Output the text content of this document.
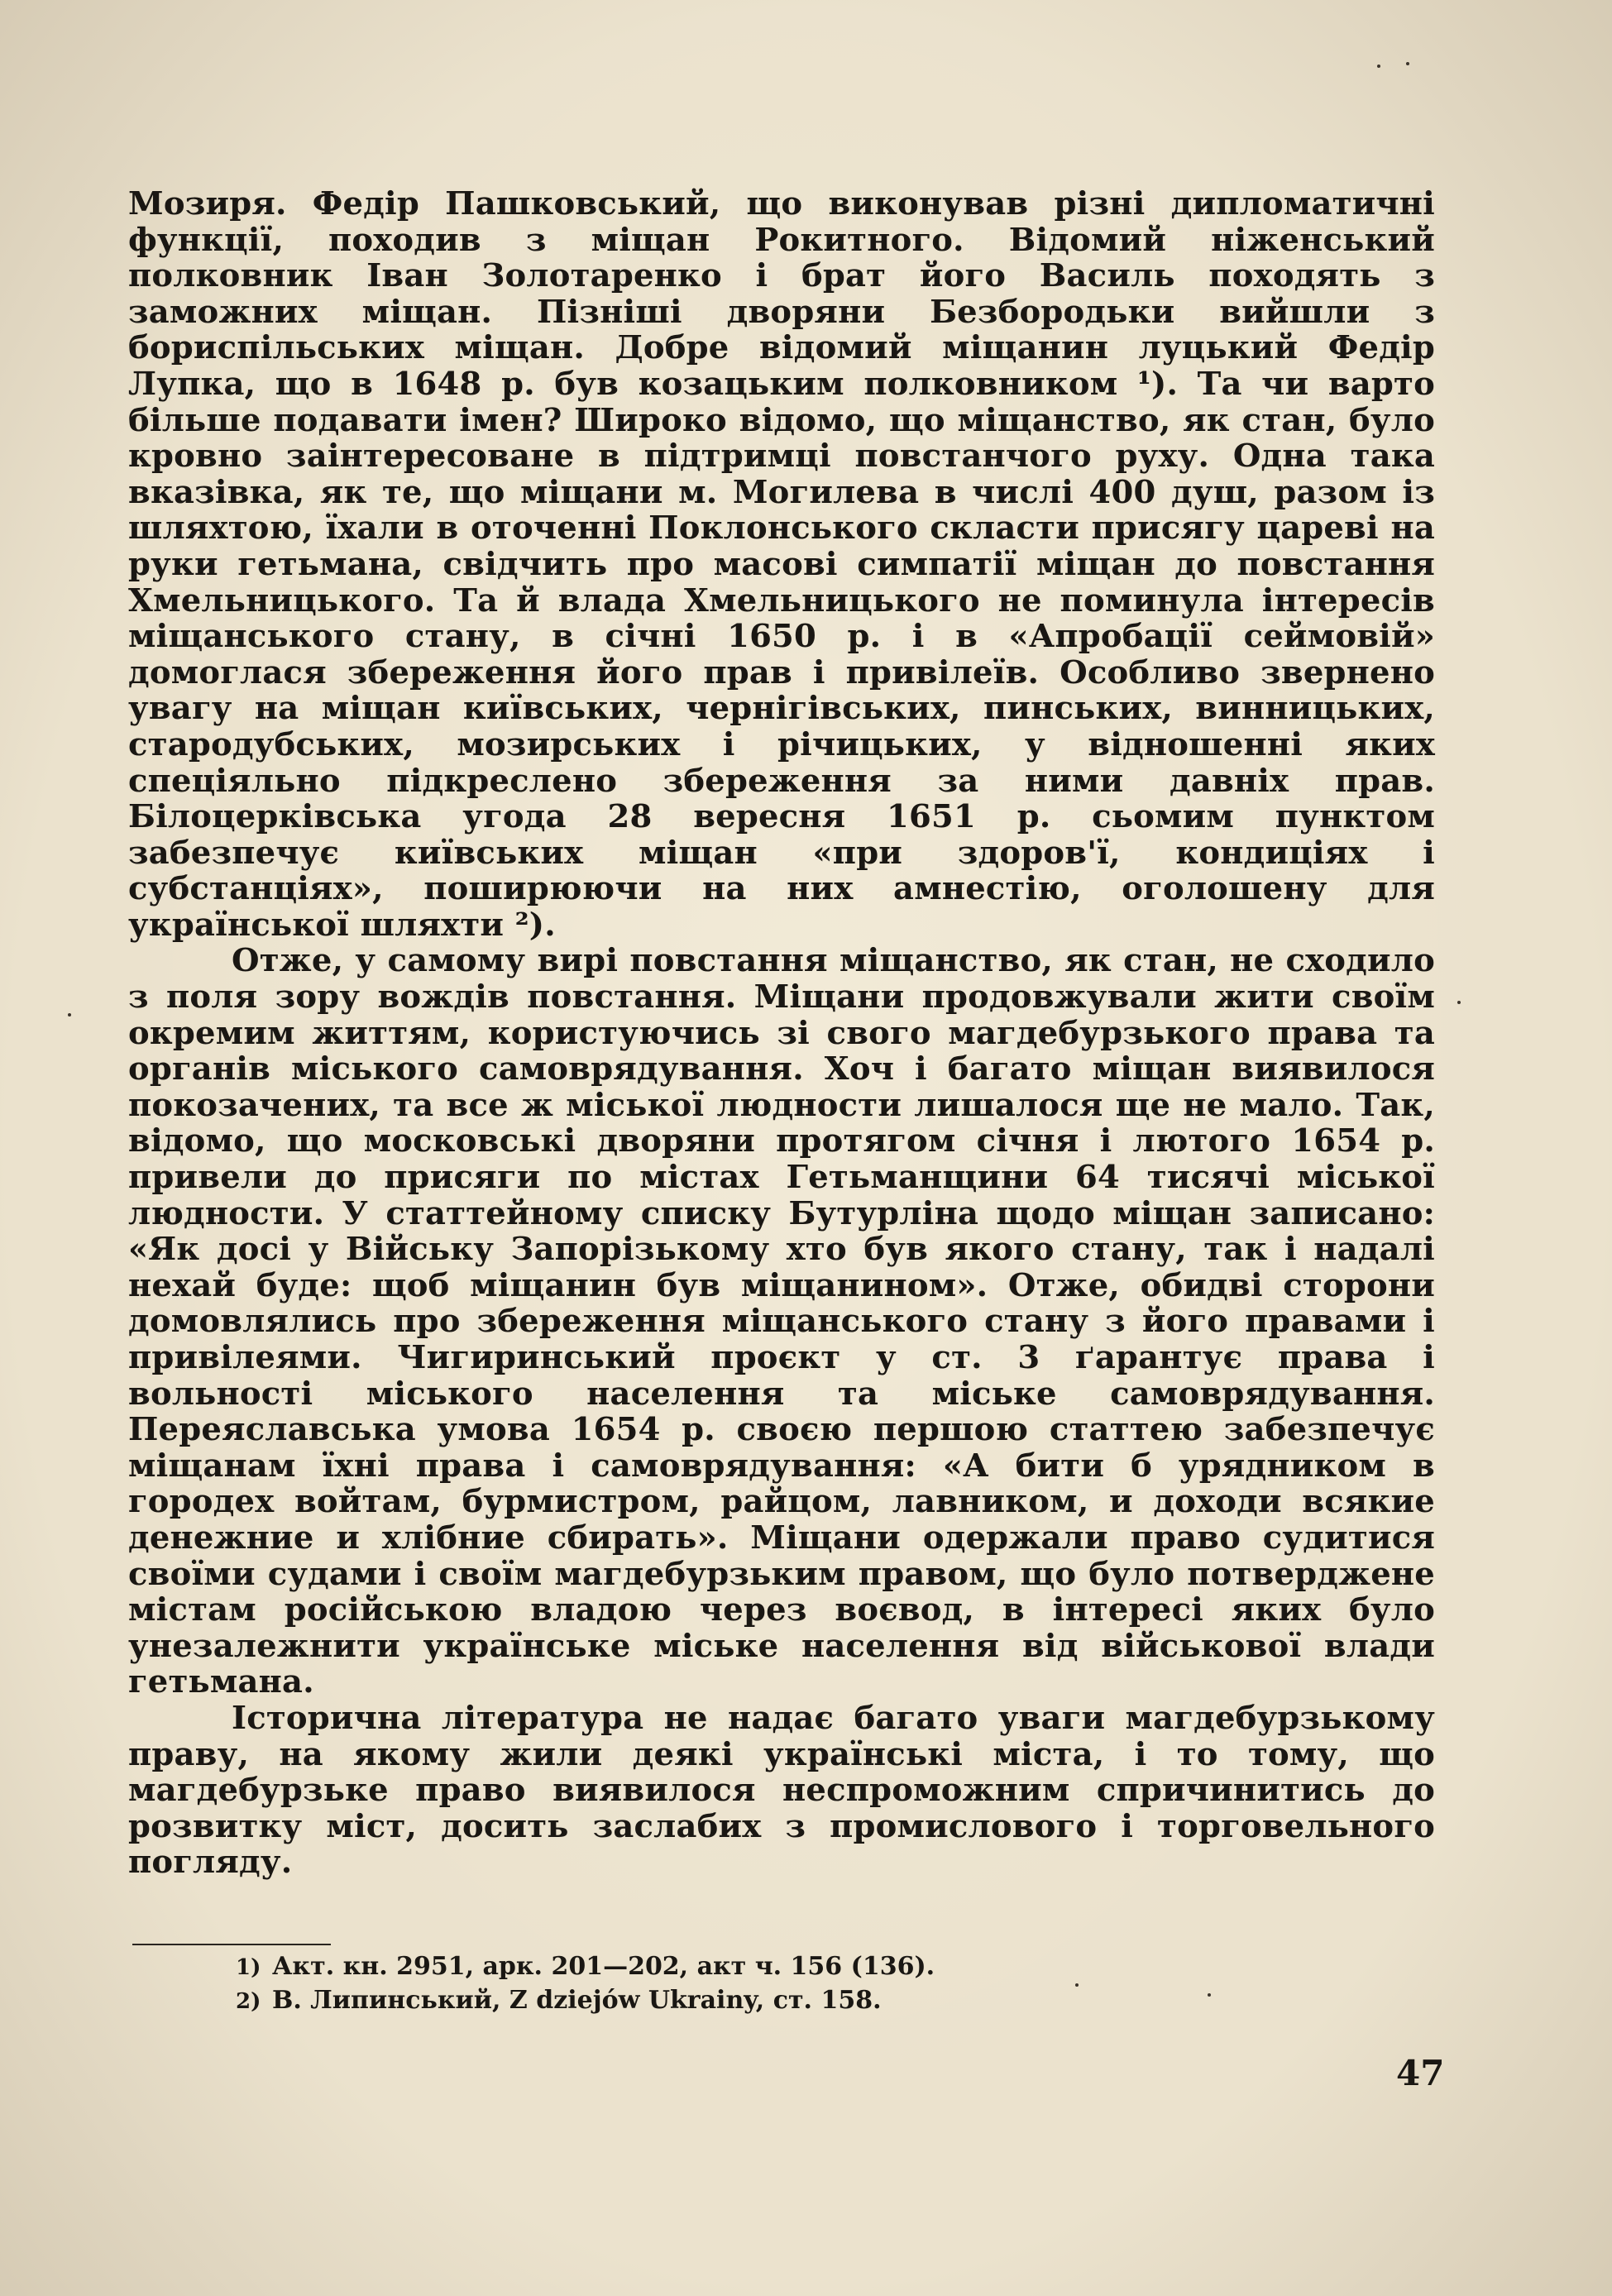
Мозиря. Федір Пашковський, що виконував різні дипломатичні функції, походив з міщан Рокитного. Відомий ніженський полковник Іван Золотаренко і брат його Василь походять з заможних міщан. Пізніші дворяни Безбородьки вийшли з бориспільських міщан. Добре відомий міщанин луцький Федір Лупка, що в 1648 р. був козацьким полковником ¹). Та чи варто більше подавати імен? Широко відомо, що міщанство, як стан, було кровно заінтересоване в підтримці повстанчого руху. Одна така вказівка, як те, що міщани м. Могилева в числі 400 душ, разом із шляхтою, їхали в оточенні Поклонського скласти присягу цареві на руки гетьмана, свідчить про масові симпатії міщан до повстання Хмельницького. Та й влада Хмельницького не поминула інтересів міщанського стану, в січні 1650 р. і в «Апробації сеймовій» домоглася збереження його прав і привілеїв. Особливо звернено увагу на міщан київських, чернігівських, пинських, винницьких, стародубських, мозирських і річицьких, у відношенні яких спеціяльно підкреслено збереження за ними давніх прав. Білоцерківська угода 28 вересня 1651 р. сьомим пунктом забезпечує київських міщан «при здоров'ї, кондиціях і субстанціях», поширюючи на них амнестію, оголошену для української шляхти ²).

Отже, у самому вирі повстання міщанство, як стан, не сходило з поля зору вождів повстання. Міщани продовжували жити своїм окремим життям, користуючись зі свого магдебурзького права та органів міського самоврядування. Хоч і багато міщан виявилося покозачених, та все ж міської людности лишалося ще не мало. Так, відомо, що московські дворяни протягом січня і лютого 1654 р. привели до присяги по містах Гетьманщини 64 тисячі міської людности. У статтейному списку Бутурліна щодо міщан записано: «Як досі у Війську Запорізькому хто був якого стану, так і надалі нехай буде: щоб міщанин був міщанином». Отже, обидві сторони домовлялись про збереження міщанського стану з його правами і привілеями. Чигиринський проєкт у ст. 3 ґарантує права і вольності міського населення та міське самоврядування. Переяславська умова 1654 р. своєю першою статтею забезпечує міщанам їхні права і самоврядування: «А бити б урядником в городех войтам, бурмистром, райцом, лавником, и доходи всякие денежние и хлібние сбирать». Міщани одержали право судитися своїми судами і своїм магдебурзьким правом, що було потверджене містам російською владою через воєвод, в інтересі яких було унезалежнити українське міське населення від військової влади гетьмана.

Історична література не надає багато уваги магдебурзькому праву, на якому жили деякі українські міста, і то тому, що магдебурзьке право виявилося неспроможним спричинитись до розвитку міст, досить заслабих з промислового і торговельного погляду.

1) Акт. кн. 2951, арк. 201—202, акт ч. 156 (136).
2) В. Липинський, Z dziejów Ukrainy, ст. 158.
47
